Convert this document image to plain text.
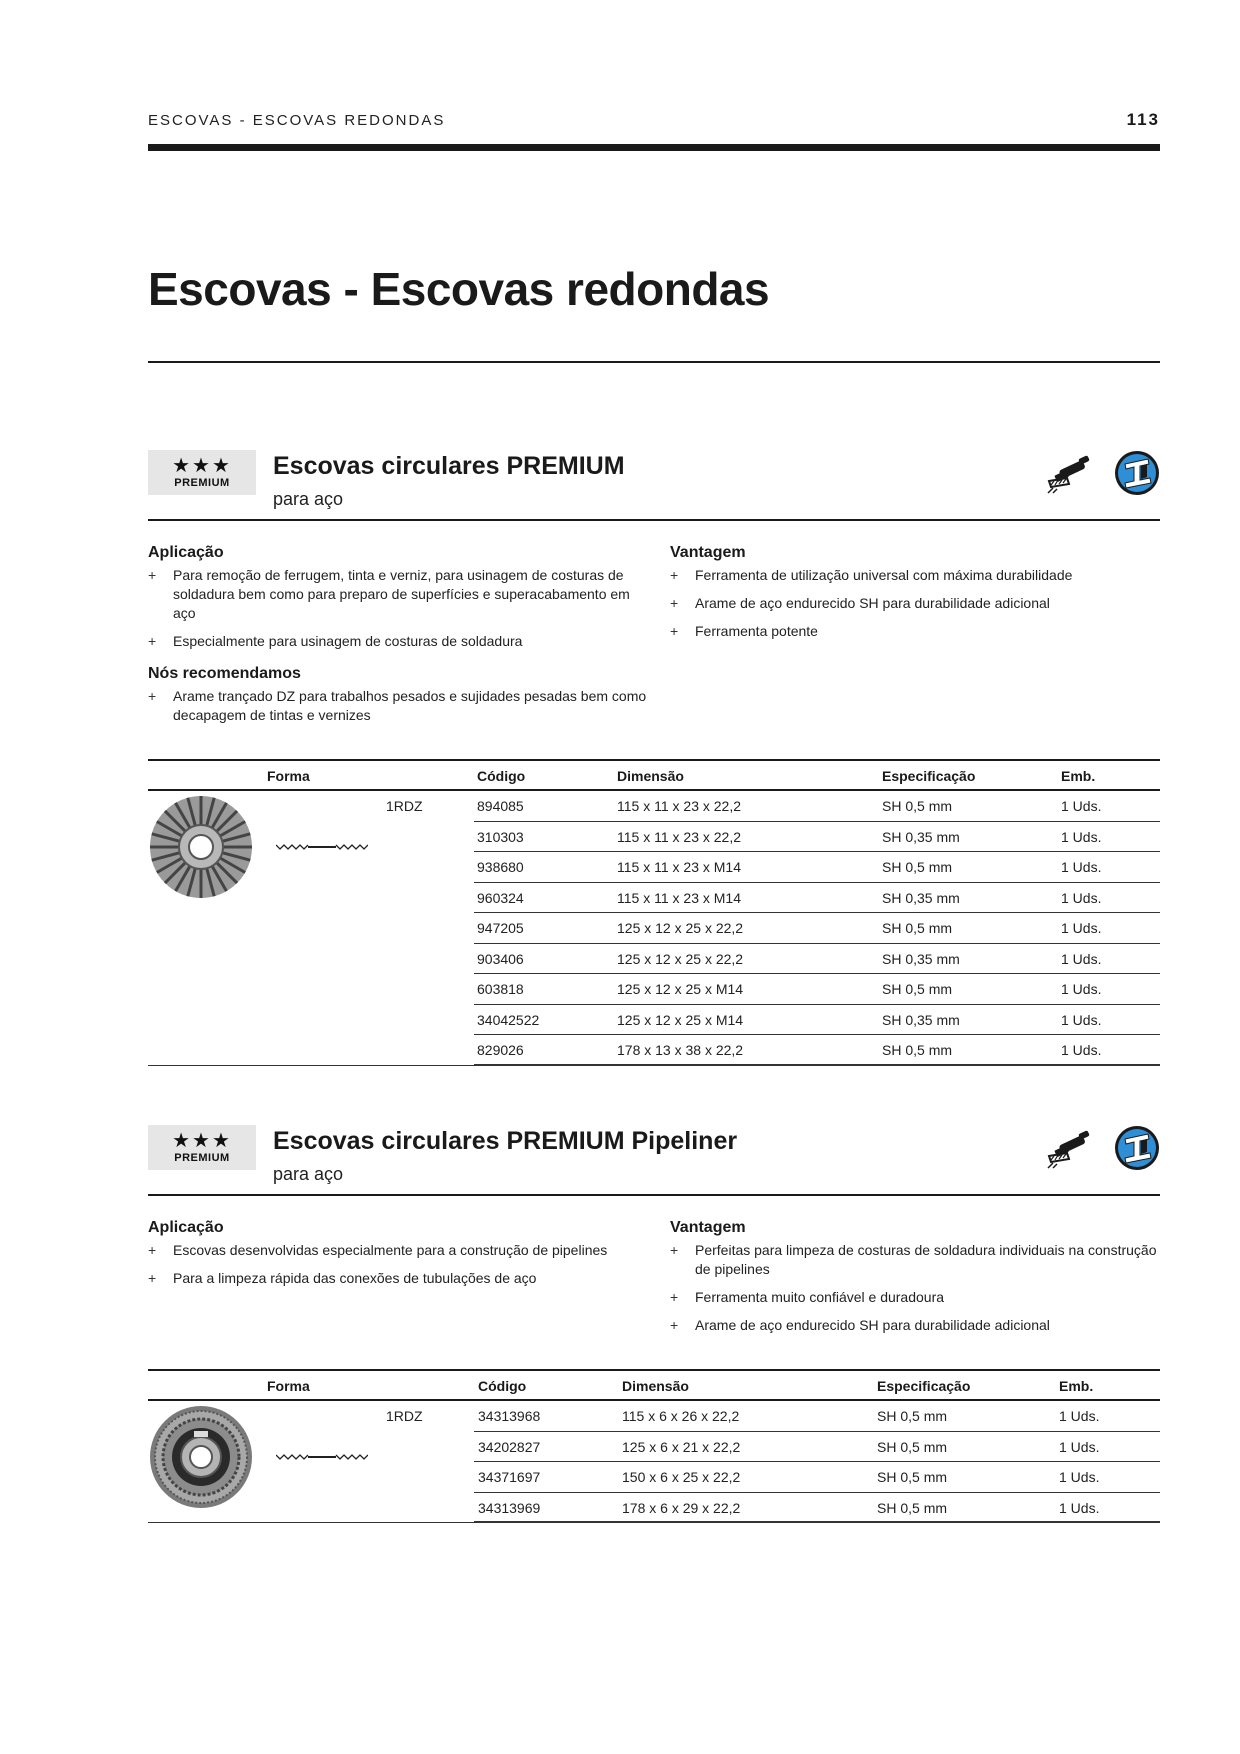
ESCOVAS - ESCOVAS REDONDAS	113
Escovas - Escovas redondas
★★★
PREMIUM
Escovas circulares PREMIUM
para aço
Aplicação
+ Para remoção de ferrugem, tinta e verniz, para usinagem de costuras de soldadura bem como para preparo de superfícies e superacabamento em aço
+ Especialmente para usinagem de costuras de soldadura
Nós recomendamos
+ Arame trançado DZ para trabalhos pesados e sujidades pesadas bem como decapagem de tintas e vernizes
Vantagem
+ Ferramenta de utilização universal com máxima durabilidade
+ Arame de aço endurecido SH para durabilidade adicional
+ Ferramenta potente
Forma	Código	Dimensão	Especificação	Emb.
1RDZ	894085	115 x 11 x 23 x 22,2	SH 0,5 mm	1 Uds.
310303	115 x 11 x 23 x 22,2	SH 0,35 mm	1 Uds.
938680	115 x 11 x 23 x M14	SH 0,5 mm	1 Uds.
960324	115 x 11 x 23 x M14	SH 0,35 mm	1 Uds.
947205	125 x 12 x 25 x 22,2	SH 0,5 mm	1 Uds.
903406	125 x 12 x 25 x 22,2	SH 0,35 mm	1 Uds.
603818	125 x 12 x 25 x M14	SH 0,5 mm	1 Uds.
34042522	125 x 12 x 25 x M14	SH 0,35 mm	1 Uds.
829026	178 x 13 x 38 x 22,2	SH 0,5 mm	1 Uds.
★★★
PREMIUM
Escovas circulares PREMIUM Pipeliner
para aço
Aplicação
+ Escovas desenvolvidas especialmente para a construção de pipelines
+ Para a limpeza rápida das conexões de tubulações de aço
Vantagem
+ Perfeitas para limpeza de costuras de soldadura individuais na construção de pipelines
+ Ferramenta muito confiável e duradoura
+ Arame de aço endurecido SH para durabilidade adicional
Forma	Código	Dimensão	Especificação	Emb.
1RDZ	34313968	115 x 6 x 26 x 22,2	SH 0,5 mm	1 Uds.
34202827	125 x 6 x 21 x 22,2	SH 0,5 mm	1 Uds.
34371697	150 x 6 x 25 x 22,2	SH 0,5 mm	1 Uds.
34313969	178 x 6 x 29 x 22,2	SH 0,5 mm	1 Uds.
